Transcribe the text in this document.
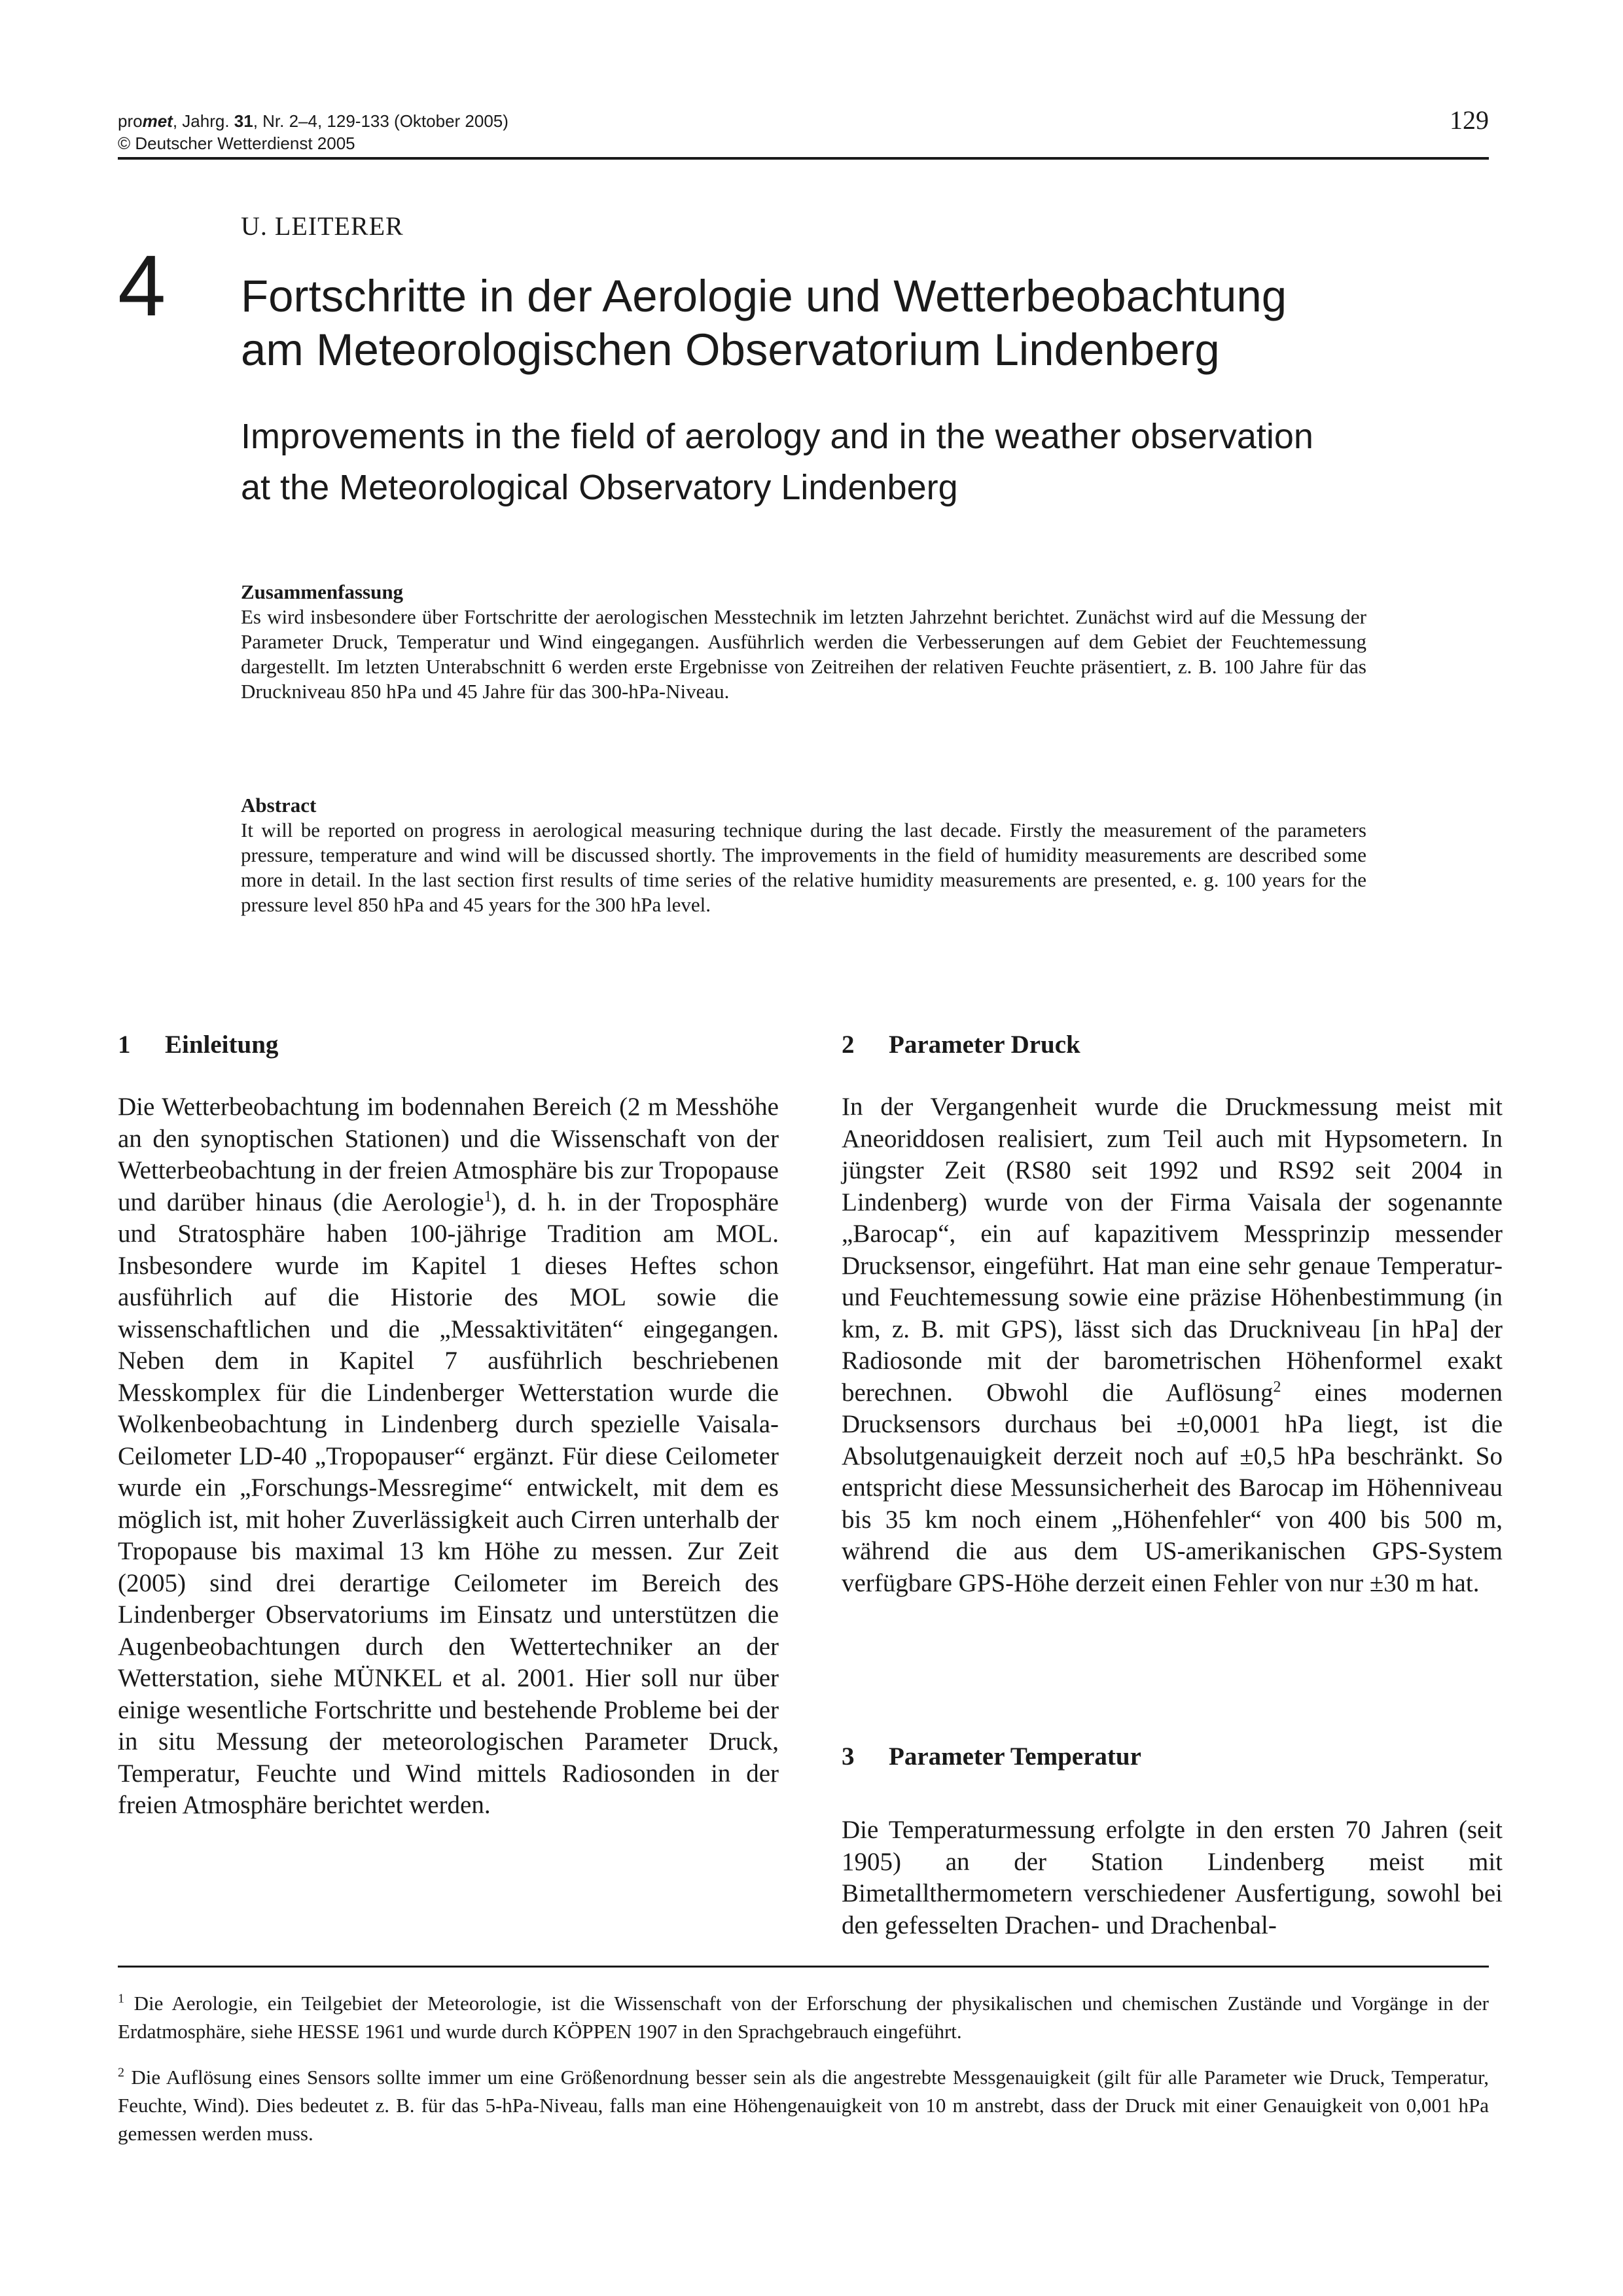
promet, Jahrg. 31, Nr. 2–4, 129-133 (Oktober 2005)
© Deutscher Wetterdienst 2005
129
U. LEITERER
4 Fortschritte in der Aerologie und Wetterbeobachtung
am Meteorologischen Observatorium Lindenberg
Improvements in the field of aerology and in the weather observation
at the Meteorological Observatory Lindenberg
Zusammenfassung
Es wird insbesondere über Fortschritte der aerologischen Messtechnik im letzten Jahrzehnt berichtet. Zunächst wird auf die Messung der Parameter Druck, Temperatur und Wind eingegangen. Ausführlich werden die Verbesserungen auf dem Gebiet der Feuchtemessung dargestellt. Im letzten Unterabschnitt 6 werden erste Ergebnisse von Zeitreihen der relativen Feuchte präsentiert, z. B. 100 Jahre für das Druckniveau 850 hPa und 45 Jahre für das 300-hPa-Niveau.
Abstract
It will be reported on progress in aerological measuring technique during the last decade. Firstly the measurement of the parameters pressure, temperature and wind will be discussed shortly. The improvements in the field of humidity measurements are described some more in detail. In the last section first results of time series of the relative humidity measurements are presented, e. g. 100 years for the pressure level 850 hPa and 45 years for the 300 hPa level.
1 Einleitung
Die Wetterbeobachtung im bodennahen Bereich (2 m Messhöhe an den synoptischen Stationen) und die Wissenschaft von der Wetterbeobachtung in der freien Atmosphäre bis zur Tropopause und darüber hinaus (die Aerologie$^1$), d. h. in der Troposphäre und Stratosphäre haben 100-jährige Tradition am MOL. Insbesondere wurde im Kapitel 1 dieses Heftes schon ausführlich auf die Historie des MOL sowie die wissenschaftlichen und die „Messaktivitäten“ eingegangen. Neben dem in Kapitel 7 ausführlich beschriebenen Messkomplex für die Lindenberger Wetterstation wurde die Wolkenbeobachtung in Lindenberg durch spezielle Vaisala-Ceilometer LD-40 „Tropopauser“ ergänzt. Für diese Ceilometer wurde ein „Forschungs-Messregime“ entwickelt, mit dem es möglich ist, mit hoher Zuverlässigkeit auch Cirren unterhalb der Tropopause bis maximal 13 km Höhe zu messen. Zur Zeit (2005) sind drei derartige Ceilometer im Bereich des Lindenberger Observatoriums im Einsatz und unterstützen die Augenbeobachtungen durch den Wettertechniker an der Wetterstation, siehe MÜNKEL et al. 2001. Hier soll nur über einige wesentliche Fortschritte und bestehende Probleme bei der in situ Messung der meteorologischen Parameter Druck, Temperatur, Feuchte und Wind mittels Radiosonden in der freien Atmosphäre berichtet werden.
2 Parameter Druck
In der Vergangenheit wurde die Druckmessung meist mit Aneoriddosen realisiert, zum Teil auch mit Hypsometern. In jüngster Zeit (RS80 seit 1992 und RS92 seit 2004 in Lindenberg) wurde von der Firma Vaisala der sogenannte „Barocap“, ein auf kapazitivem Messprinzip messender Drucksensor, eingeführt. Hat man eine sehr genaue Temperatur- und Feuchtemessung sowie eine präzise Höhenbestimmung (in km, z. B. mit GPS), lässt sich das Druckniveau [in hPa] der Radiosonde mit der barometrischen Höhenformel exakt berechnen. Obwohl die Auflösung$^2$ eines modernen Drucksensors durchaus bei ±0,0001 hPa liegt, ist die Absolutgenauigkeit derzeit noch auf ±0,5 hPa beschränkt. So entspricht diese Messunsicherheit des Barocap im Höhenniveau bis 35 km noch einem „Höhenfehler“ von 400 bis 500 m, während die aus dem US-amerikanischen GPS-System verfügbare GPS-Höhe derzeit einen Fehler von nur ±30 m hat.
3 Parameter Temperatur
Die Temperaturmessung erfolgte in den ersten 70 Jahren (seit 1905) an der Station Lindenberg meist mit Bimetallthermometern verschiedener Ausfertigung, sowohl bei den gefesselten Drachen- und Drachenbal-
$^1$ Die Aerologie, ein Teilgebiet der Meteorologie, ist die Wissenschaft von der Erforschung der physikalischen und chemischen Zustände und Vorgänge in der Erdatmosphäre, siehe HESSE 1961 und wurde durch KÖPPEN 1907 in den Sprachgebrauch eingeführt.
$^2$ Die Auflösung eines Sensors sollte immer um eine Größenordnung besser sein als die angestrebte Messgenauigkeit (gilt für alle Parameter wie Druck, Temperatur, Feuchte, Wind). Dies bedeutet z. B. für das 5-hPa-Niveau, falls man eine Höhengenauigkeit von 10 m anstrebt, dass der Druck mit einer Genauigkeit von 0,001 hPa gemessen werden muss.
